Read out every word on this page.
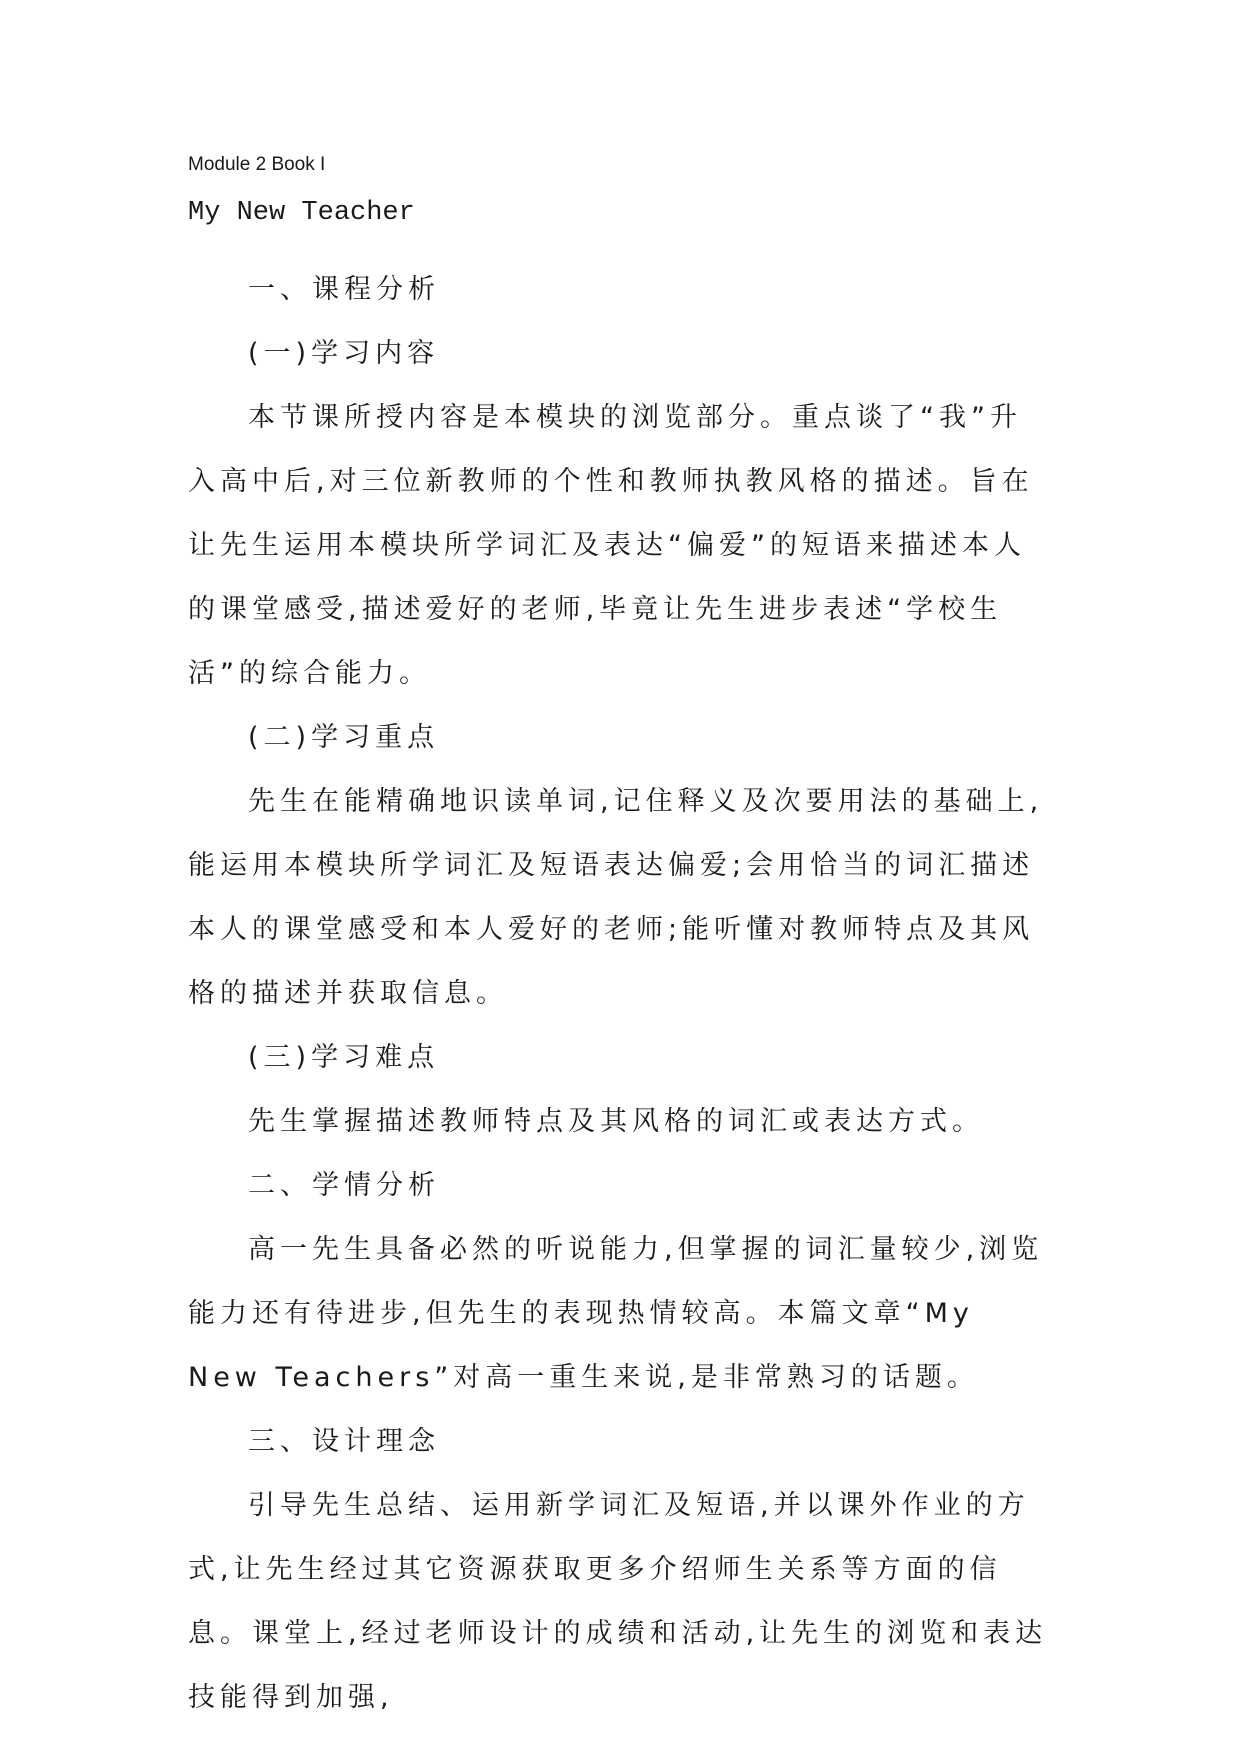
Module 2 Book I
My New Teacher

一、课程分析

(一)学习内容

本节课所授内容是本模块的浏览部分。重点谈了“我”升入高中后,对三位新教师的个性和教师执教风格的描述。旨在让先生运用本模块所学词汇及表达“偏爱”的短语来描述本人的课堂感受,描述爱好的老师,毕竟让先生进步表述“学校生活”的综合能力。

(二)学习重点

先生在能精确地识读单词,记住释义及次要用法的基础上,能运用本模块所学词汇及短语表达偏爱;会用恰当的词汇描述本人的课堂感受和本人爱好的老师;能听懂对教师特点及其风格的描述并获取信息。

(三)学习难点

先生掌握描述教师特点及其风格的词汇或表达方式。

二、学情分析

高一先生具备必然的听说能力,但掌握的词汇量较少,浏览能力还有待进步,但先生的表现热情较高。本篇文章“My New Teachers”对高一重生来说,是非常熟习的话题。

三、设计理念

引导先生总结、运用新学词汇及短语,并以课外作业的方式,让先生经过其它资源获取更多介绍师生关系等方面的信息。课堂上,经过老师设计的成绩和活动,让先生的浏览和表达技能得到加强,
